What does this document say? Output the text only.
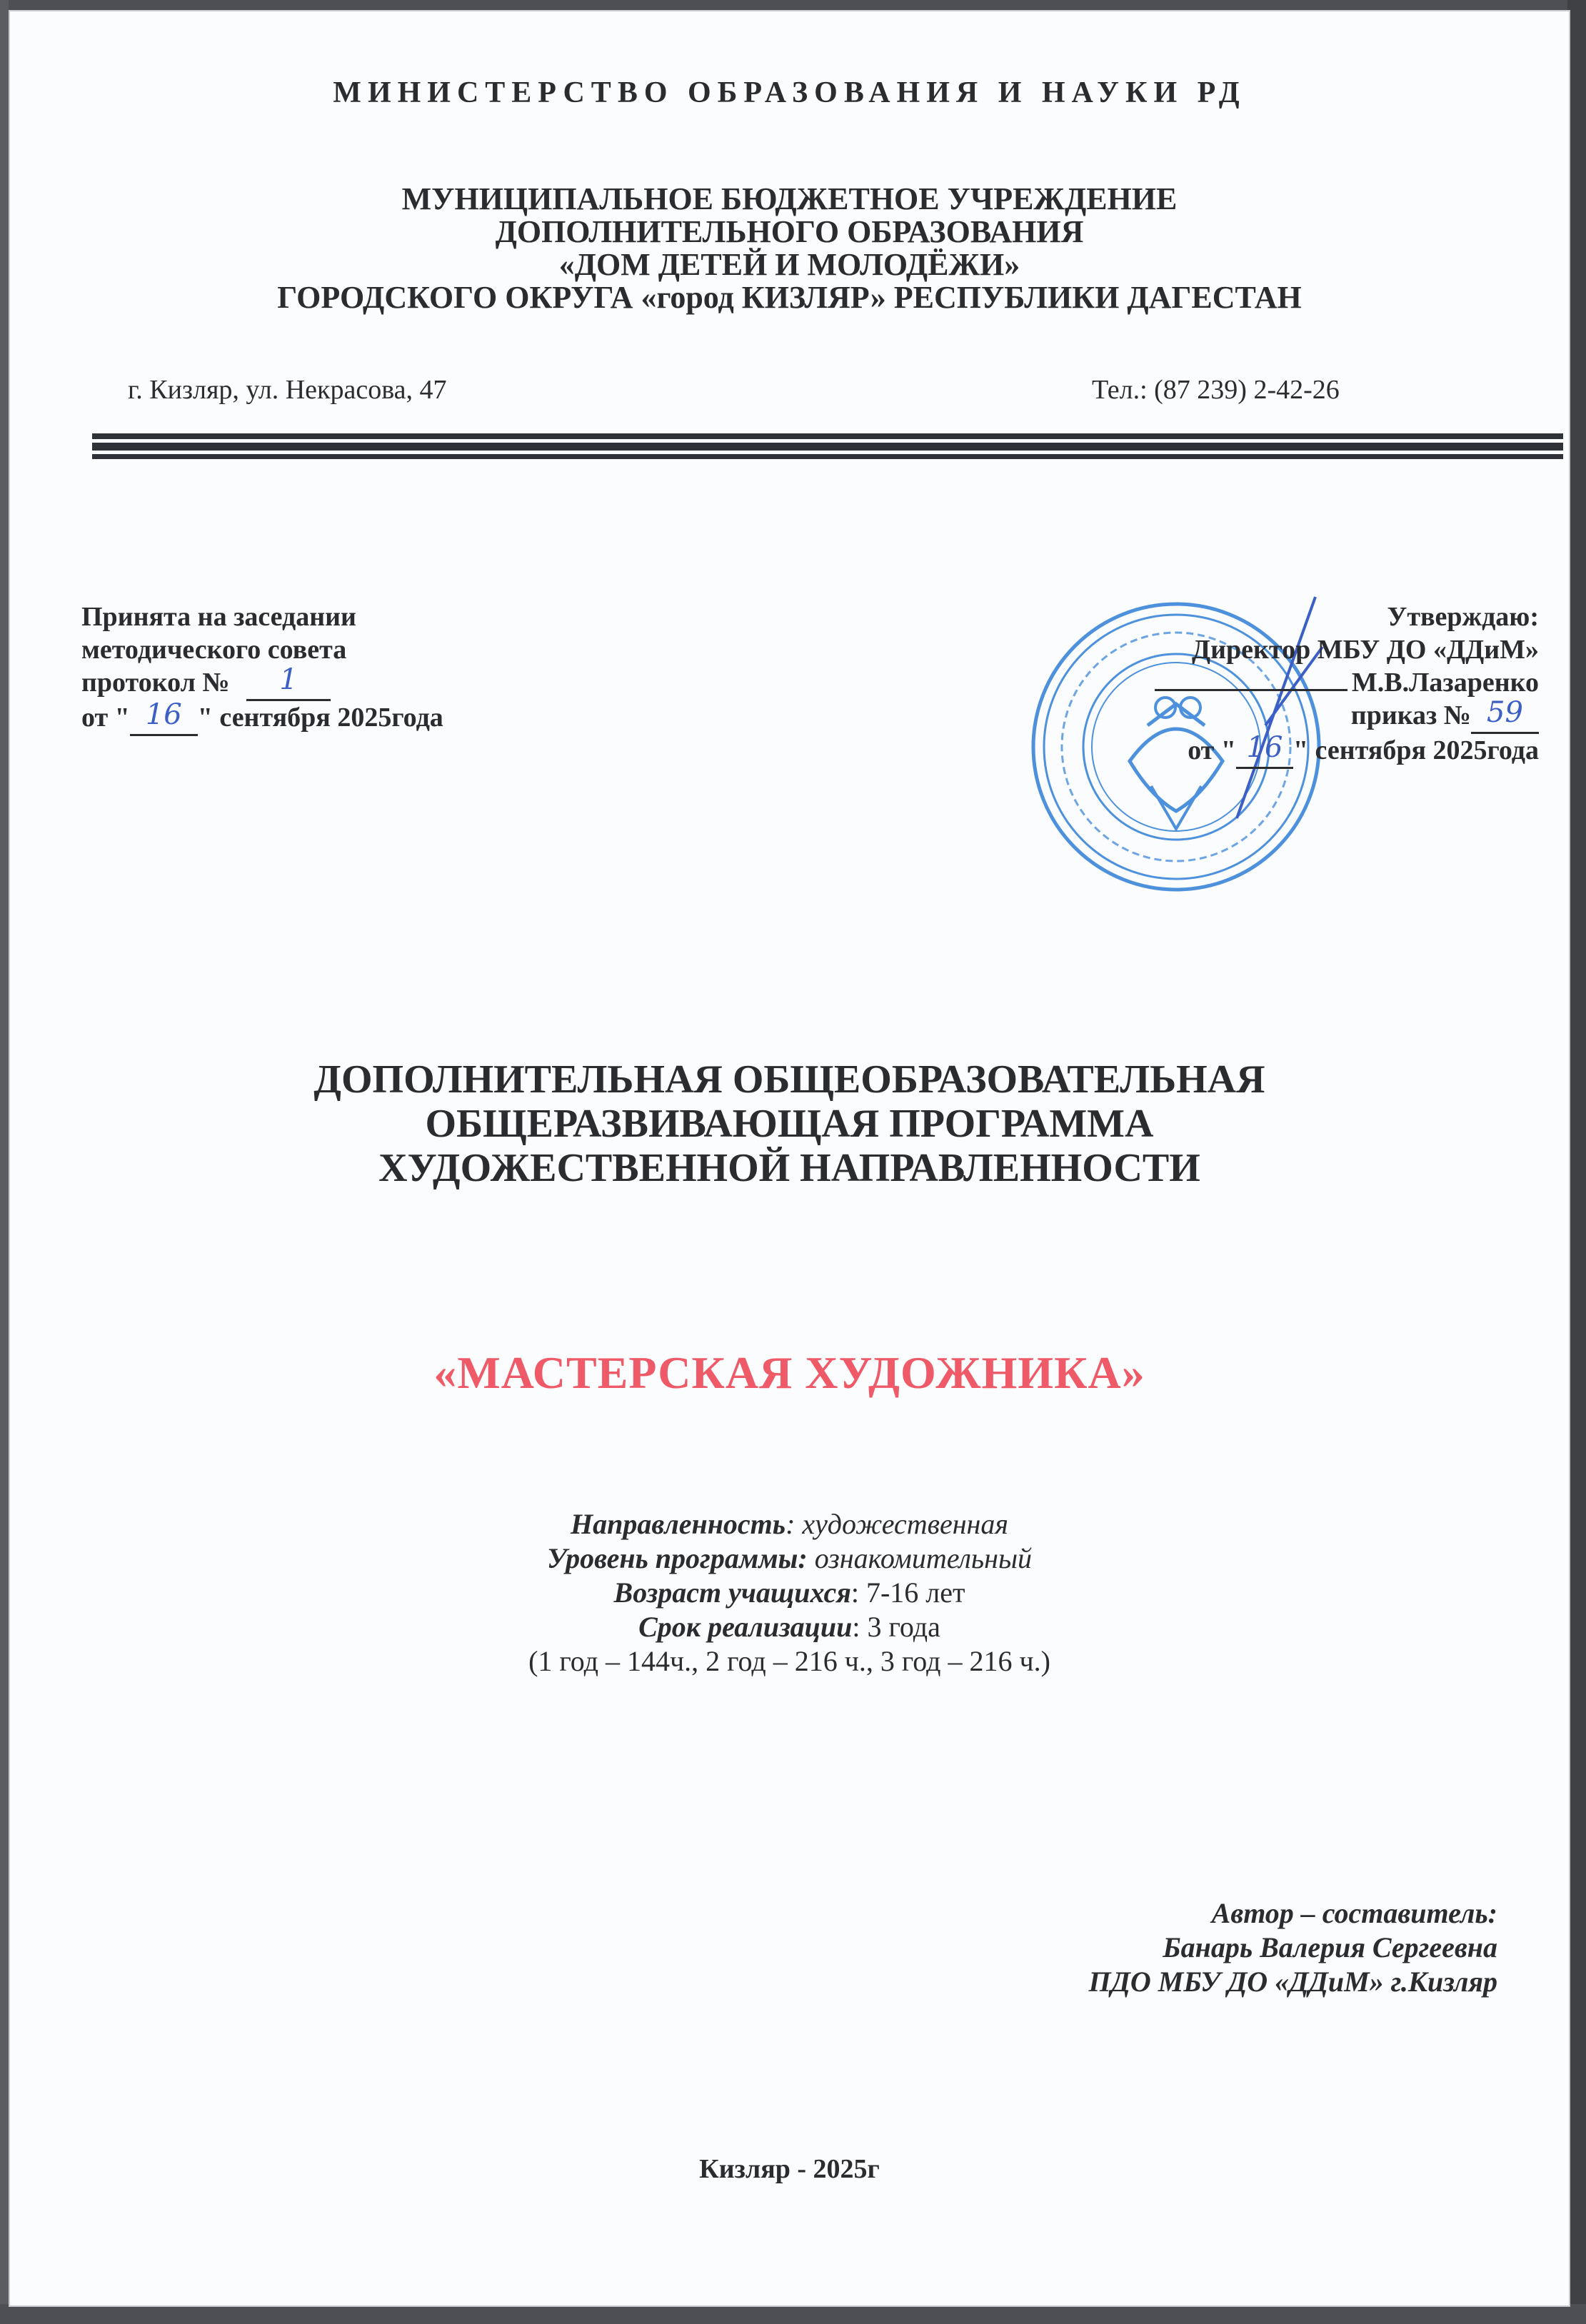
МИНИСТЕРСТВО ОБРАЗОВАНИЯ И НАУКИ РД
МУНИЦИПАЛЬНОЕ БЮДЖЕТНОЕ УЧРЕЖДЕНИЕ
ДОПОЛНИТЕЛЬНОГО ОБРАЗОВАНИЯ
«ДОМ ДЕТЕЙ И МОЛОДЁЖИ»
ГОРОДСКОГО ОКРУГА «город КИЗЛЯР» РЕСПУБЛИКИ ДАГЕСТАН
г. Кизляр, ул. Некрасова, 47	Тел.: (87 239) 2-42-26
Принята на заседании
методического совета
протокол №	1

от " 16 " сентября 2025года
Утверждаю:
Директор МБУ ДО «ДДиМ»
М.В.Лазаренко
приказ № 59

от " 16 " сентября 2025года
ДОПОЛНИТЕЛЬНАЯ ОБЩЕОБРАЗОВАТЕЛЬНАЯ
ОБЩЕРАЗВИВАЮЩАЯ ПРОГРАММА
ХУДОЖЕСТВЕННОЙ НАПРАВЛЕННОСТИ
«МАСТЕРСКАЯ ХУДОЖНИКА»
Направленность: художественная
Уровень программы: ознакомительный
Возраст учащихся: 7-16 лет
Срок реализации: 3 года
(1 год – 144ч., 2 год – 216 ч., 3 год – 216 ч.)
Автор – составитель:
Банарь Валерия Сергеевна
ПДО МБУ ДО «ДДиМ» г.Кизляр
Кизляр - 2025г
